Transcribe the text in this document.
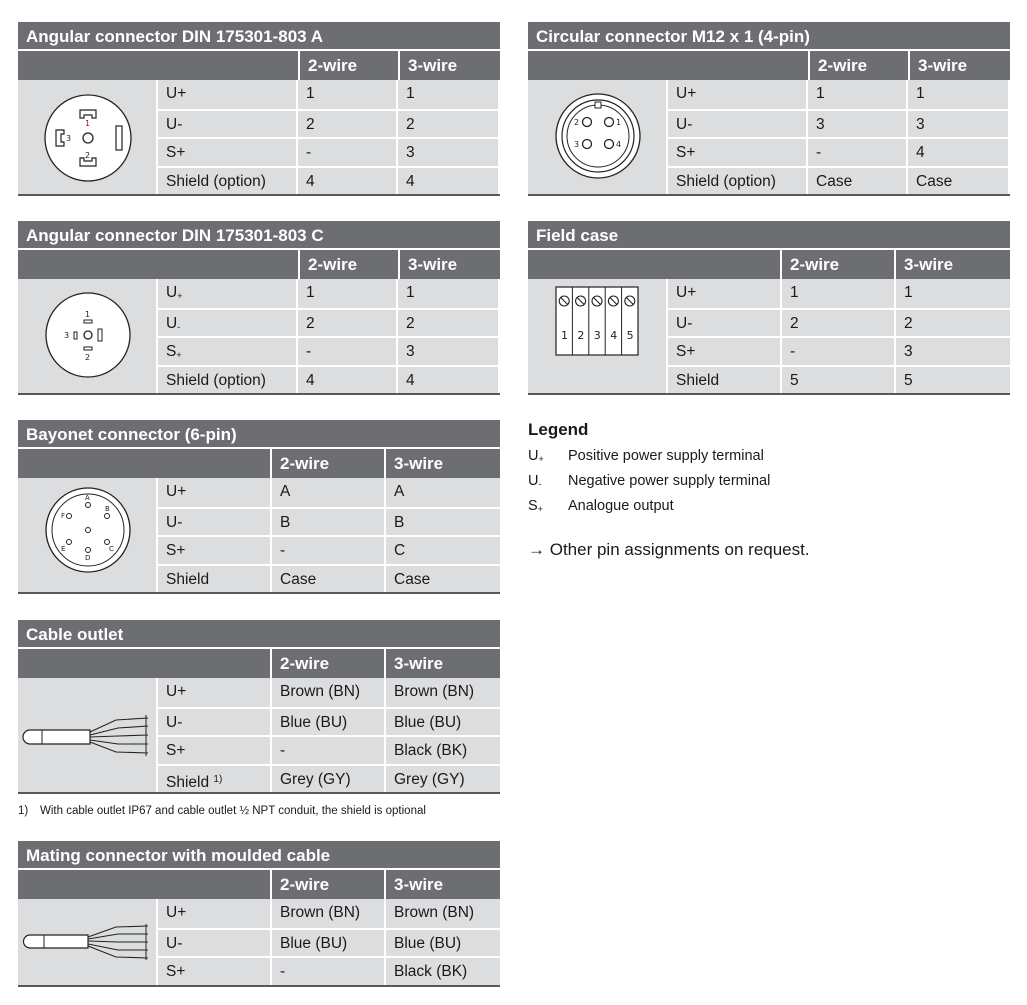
Angular connector DIN 175301-803 A
2-wire	3-wire
1
2
3
U+	1	1
U-	2	2
S+	-	3
Shield (option)	4	4
Angular connector DIN 175301-803 C
2-wire	3-wire
1
2
3
$U_+$	1	1
$U_-$	2	2
$S_+$	-	3
Shield (option)	4	4
Bayonet connector (6-pin)
2-wire	3-wire
A
B
C
D
E
F
U+	A	A
U-	B	B
S+	-	C
Shield	Case	Case
Cable outlet
2-wire	3-wire
U+	Brown (BN)	Brown (BN)
U-	Blue (BU)	Blue (BU)
S+	-	Black (BK)
Shield $^{1)}$	Grey (GY)	Grey (GY)
1) With cable outlet IP67 and cable outlet ½ NPT conduit, the shield is optional
Mating connector with moulded cable
2-wire	3-wire
U+	Brown (BN)	Brown (BN)
U-	Blue (BU)	Blue (BU)
S+	-	Black (BK)
Circular connector M12 x 1 (4-pin)
2-wire	3-wire
1
2
3	4
U+	1	1
U-	3	3
S+	-	4
Shield (option)	Case	Case
Field case
2-wire	3-wire
1 2 3 4 5
U+	1	1
U-	2	2
S+	-	3
Shield	5	5
Legend
$U_+$	Positive power supply terminal
$U_-$	Negative power supply terminal
$S_+$	Analogue output
→ Other pin assignments on request.
